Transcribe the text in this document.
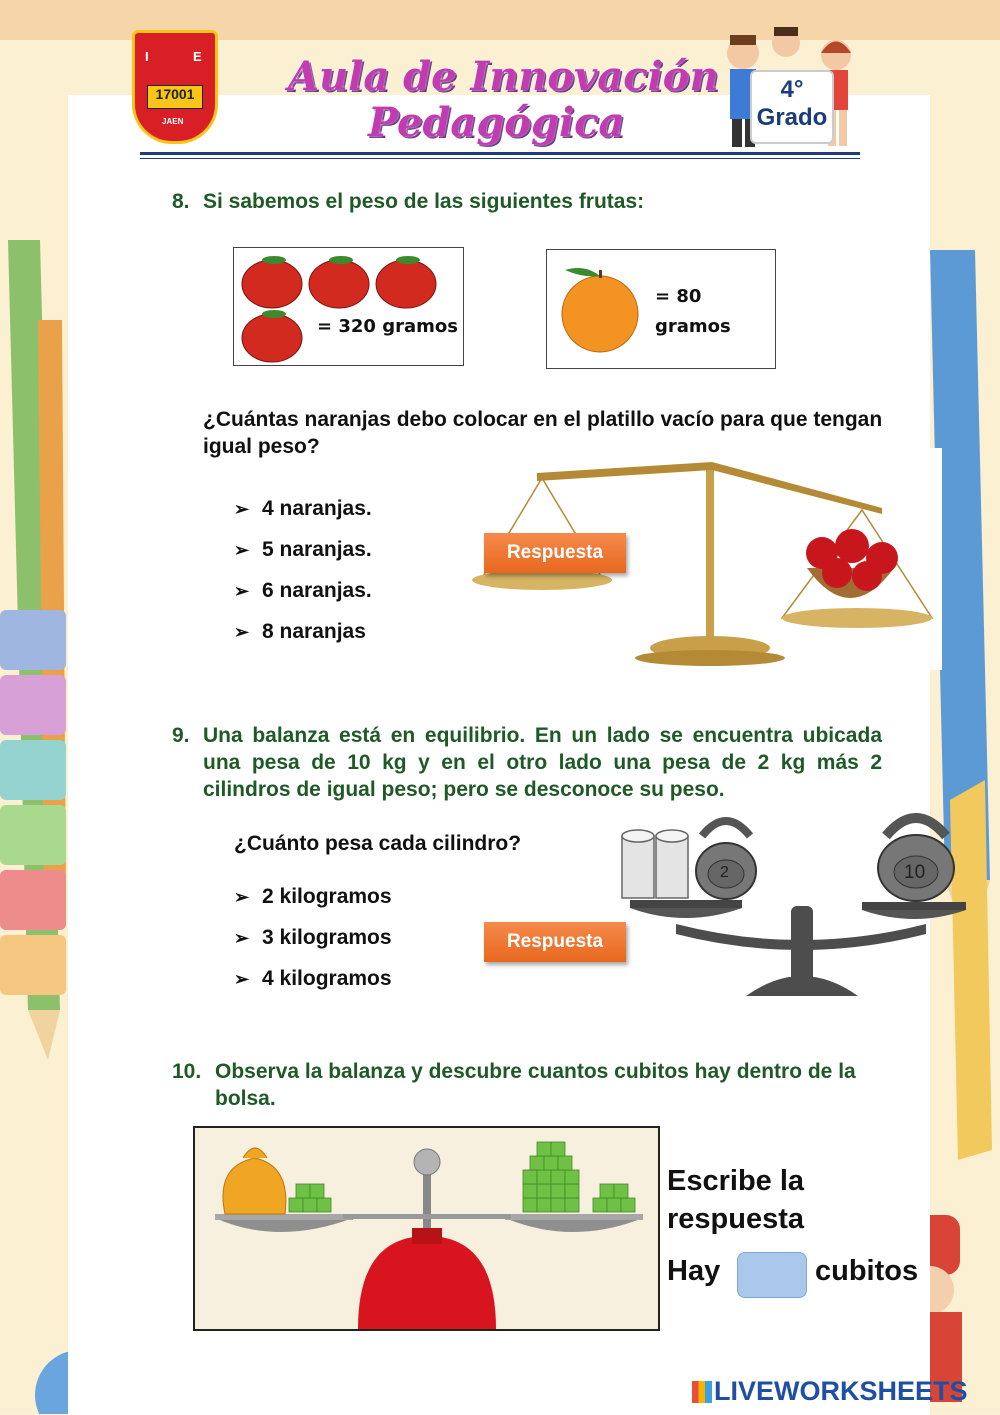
I	E
17001
JAEN
Aula de Innovación
Pedagógica
4°
Grado
8. Si sabemos el peso de las siguientes frutas:
= 320 gramos
= 80
gramos
¿Cuántas naranjas debo colocar en el platillo vacío para que tengan igual peso?
➢ 4 naranjas.
➢ 5 naranjas.
➢ 6 naranjas.
➢ 8 naranjas
Respuesta
9. Una balanza está en equilibrio. En un lado se encuentra ubicada una pesa de 10 kg y en el otro lado una pesa de 2 kg más 2 cilindros de igual peso; pero se desconoce su peso.
¿Cuánto pesa cada cilindro?
➢ 2 kilogramos
➢ 3 kilogramos
➢ 4 kilogramos
Respuesta
2	10
10. Observa la balanza y descubre cuantos cubitos hay dentro de la bolsa.
Escribe la
respuesta
Hay	cubitos
LIVEWORKSHEETS
